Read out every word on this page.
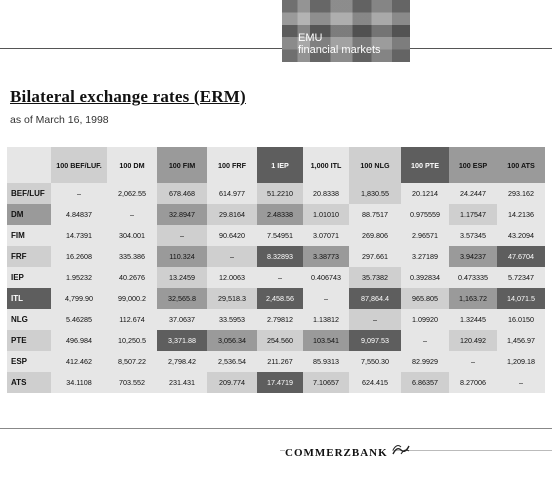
EMU
financial markets
Bilateral exchange rates (ERM)
as of March 16, 1998
	100 BEF/LUF.	100 DM	100 FIM	100 FRF	1 IEP	1,000 ITL	100 NLG	100 PTE	100 ESP	100 ATS
BEF/LUF	–	2,062.55	678.468	614.977	51.2210	20.8338	1,830.55	20.1214	24.2447	293.162
DM	4.84837	–	32.8947	29.8164	2.48338	1.01010	88.7517	0.975559	1.17547	14.2136
FIM	14.7391	304.001	–	90.6420	7.54951	3.07071	269.806	2.96571	3.57345	43.2094
FRF	16.2608	335.386	110.324	–	8.32893	3.38773	297.661	3.27189	3.94237	47.6704
IEP	1.95232	40.2676	13.2459	12.0063	–	0.406743	35.7382	0.392834	0.473335	5.72347
ITL	4,799.90	99,000.2	32,565.8	29,518.3	2,458.56	–	87,864.4	965.805	1,163.72	14,071.5
NLG	5.46285	112.674	37.0637	33.5953	2.79812	1.13812	–	1.09920	1.32445	16.0150
PTE	496.984	10,250.5	3,371.88	3,056.34	254.560	103.541	9,097.53	–	120.492	1,456.97
ESP	412.462	8,507.22	2,798.42	2,536.54	211.267	85.9313	7,550.30	82.9929	–	1,209.18
ATS	34.1108	703.552	231.431	209.774	17.4719	7.10657	624.415	6.86357	8.27006	–
COMMERZBANK
